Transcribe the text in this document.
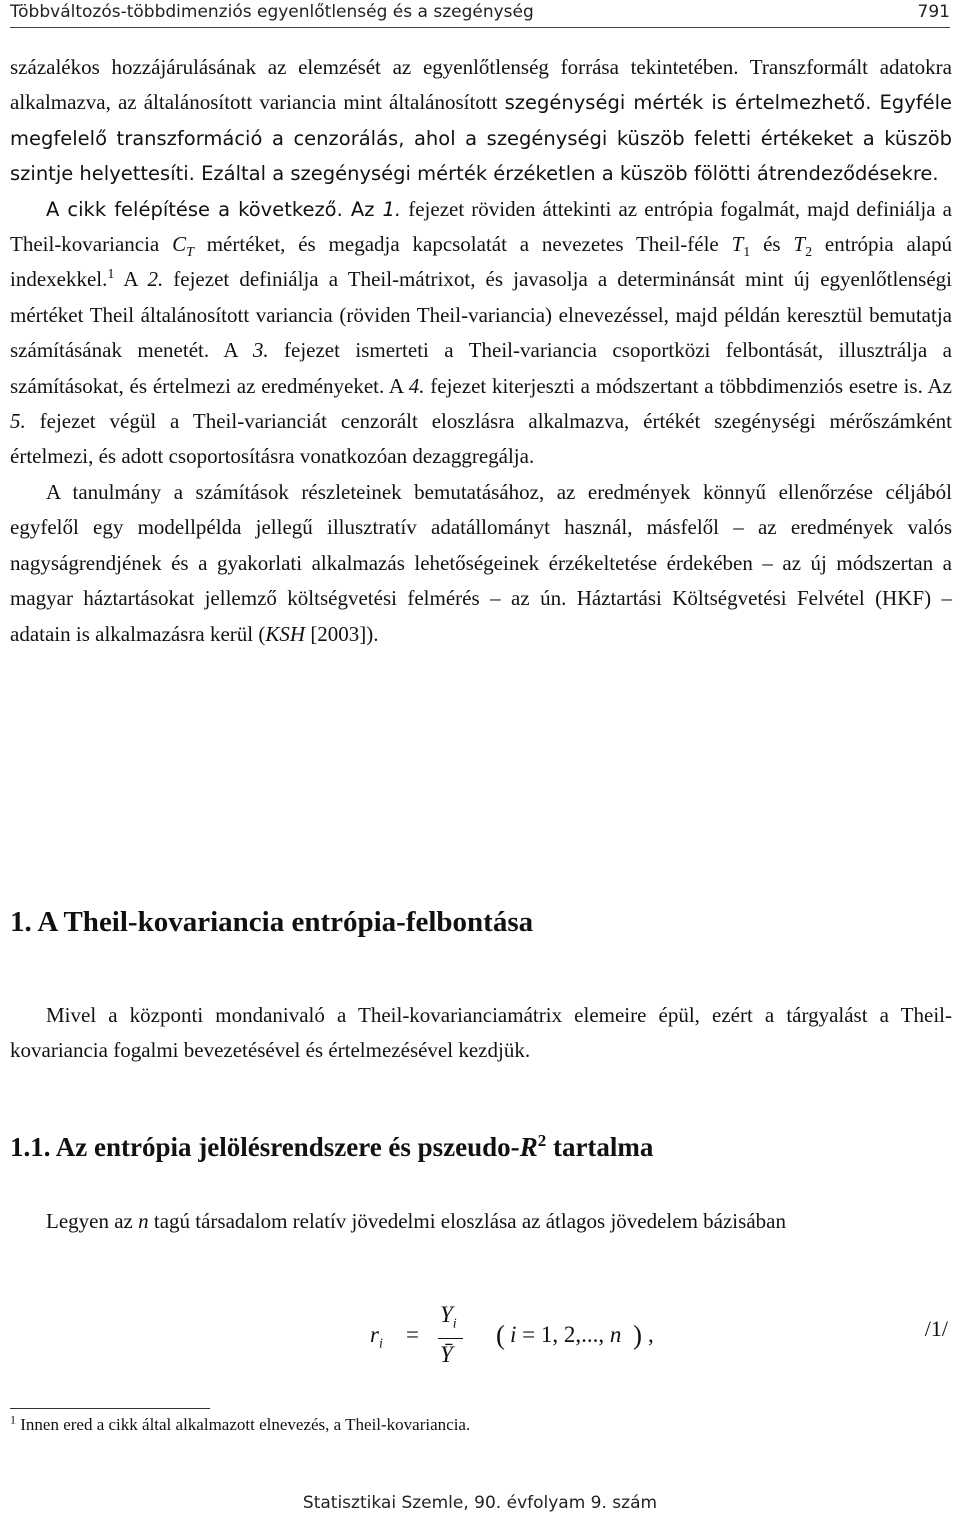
Többváltozós-többdimenziós egyenlőtlenség és a szegénység	791

százalékos hozzájárulásának az elemzését az egyenlőtlenség forrása tekintetében. Transzformált adatokra alkalmazva, az általánosított variancia mint általánosított szegénységi mérték is értelmezhető. Egyféle megfelelő transzformáció a cenzorálás, ahol a szegénységi küszöb feletti értékeket a küszöb szintje helyettesíti. Ezáltal a szegénységi mérték érzéketlen a küszöb fölötti átrendeződésekre.

A cikk felépítése a következő. Az 1. fejezet röviden áttekinti az entrópia fogalmát, majd definiálja a Theil-kovariancia $C_T$ mértéket, és megadja kapcsolatát a nevezetes Theil-féle $T_1$ és $T_2$ entrópia alapú indexekkel.$^1$ A 2. fejezet definiálja a Theil-mátrixot, és javasolja a determinánsát mint új egyenlőtlenségi mértéket Theil általánosított variancia (röviden Theil-variancia) elnevezéssel, majd példán keresztül bemutatja számításának menetét. A 3. fejezet ismerteti a Theil-variancia csoportközi felbontását, illusztrálja a számításokat, és értelmezi az eredményeket. A 4. fejezet kiterjeszti a módszertant a többdimenziós esetre is. Az 5. fejezet végül a Theil-varianciát cenzorált eloszlásra alkalmazva, értékét szegénységi mérőszámként értelmezi, és adott csoportosításra vonatkozóan dezaggregálja.

A tanulmány a számítások részleteinek bemutatásához, az eredmények könnyű ellenőrzése céljából egyfelől egy modellpélda jellegű illusztratív adatállományt használ, másfelől – az eredmények valós nagyságrendjének és a gyakorlati alkalmazás lehetőségeinek érzékeltetése érdekében – az új módszertan a magyar háztartásokat jellemző költségvetési felmérés – az ún. Háztartási Költségvetési Felvétel (HKF) – adatain is alkalmazásra kerül (KSH [2003]).

1. A Theil-kovariancia entrópia-felbontása

Mivel a központi mondanivaló a Theil-kovarianciamátrix elemeire épül, ezért a tárgyalást a Theil-kovariancia fogalmi bevezetésével és értelmezésével kezdjük.

1.1. Az entrópia jelölésrendszere és pszeudo-$R^2$ tartalma

Legyen az n tagú társadalom relatív jövedelmi eloszlása az átlagos jövedelem bázisában

$r_i$ =
$Y_i$
Ȳ
( i = 1, 2,..., n ) ,	/1/
$^1$ Innen ered a cikk által alkalmazott elnevezés, a Theil-kovariancia.
Statisztikai Szemle, 90. évfolyam 9. szám
